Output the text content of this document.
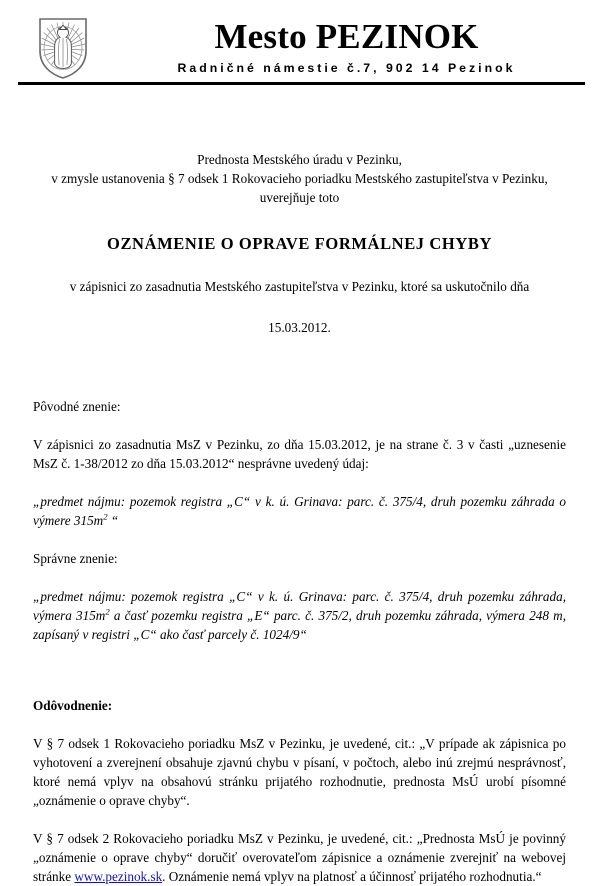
Mesto PEZINOK
Radničné námestie č.7, 902 14 Pezinok

Prednosta Mestského úradu v Pezinku,

v zmysle ustanovenia § 7 odsek 1 Rokovacieho poriadku Mestského zastupiteľstva v Pezinku,

uverejňuje toto

OZNÁMENIE O OPRAVE FORMÁLNEJ CHYBY

v zápisnici zo zasadnutia Mestského zastupiteľstva v Pezinku, ktoré sa uskutočnilo dňa

15.03.2012.

Pôvodné znenie:

V zápisnici zo zasadnutia MsZ v Pezinku, zo dňa 15.03.2012, je na strane č. 3 v časti „uznesenie MsZ č. 1-38/2012 zo dňa 15.03.2012“ nesprávne uvedený údaj:

„predmet nájmu: pozemok registra „C“ v k. ú. Grinava: parc. č. 375/4, druh pozemku záhrada o výmere $315m^2$ “

Správne znenie:

„predmet nájmu: pozemok registra „C“ v k. ú. Grinava: parc. č. 375/4, druh pozemku záhrada, výmera $315m^2$ a časť pozemku registra „E“ parc. č. 375/2, druh pozemku záhrada, výmera 248 m, zapísaný v registri „C“ ako časť parcely č. 1024/9“

Odôvodnenie:

V § 7 odsek 1 Rokovacieho poriadku MsZ v Pezinku, je uvedené, cit.: „V prípade ak zápisnica po vyhotovení a zverejnení obsahuje zjavnú chybu v písaní, v počtoch, alebo inú zrejmú nesprávnosť, ktoré nemá vplyv na obsahovú stránku prijatého rozhodnutie, prednosta MsÚ urobí písomné „oznámenie o oprave chyby“.

V § 7 odsek 2 Rokovacieho poriadku MsZ v Pezinku, je uvedené, cit.: „Prednosta MsÚ je povinný „oznámenie o oprave chyby“ doručiť overovateľom zápisnice a oznámenie zverejniť na webovej stránke www.pezinok.sk. Oznámenie nemá vplyv na platnosť a účinnosť prijatého rozhodnutia.“
